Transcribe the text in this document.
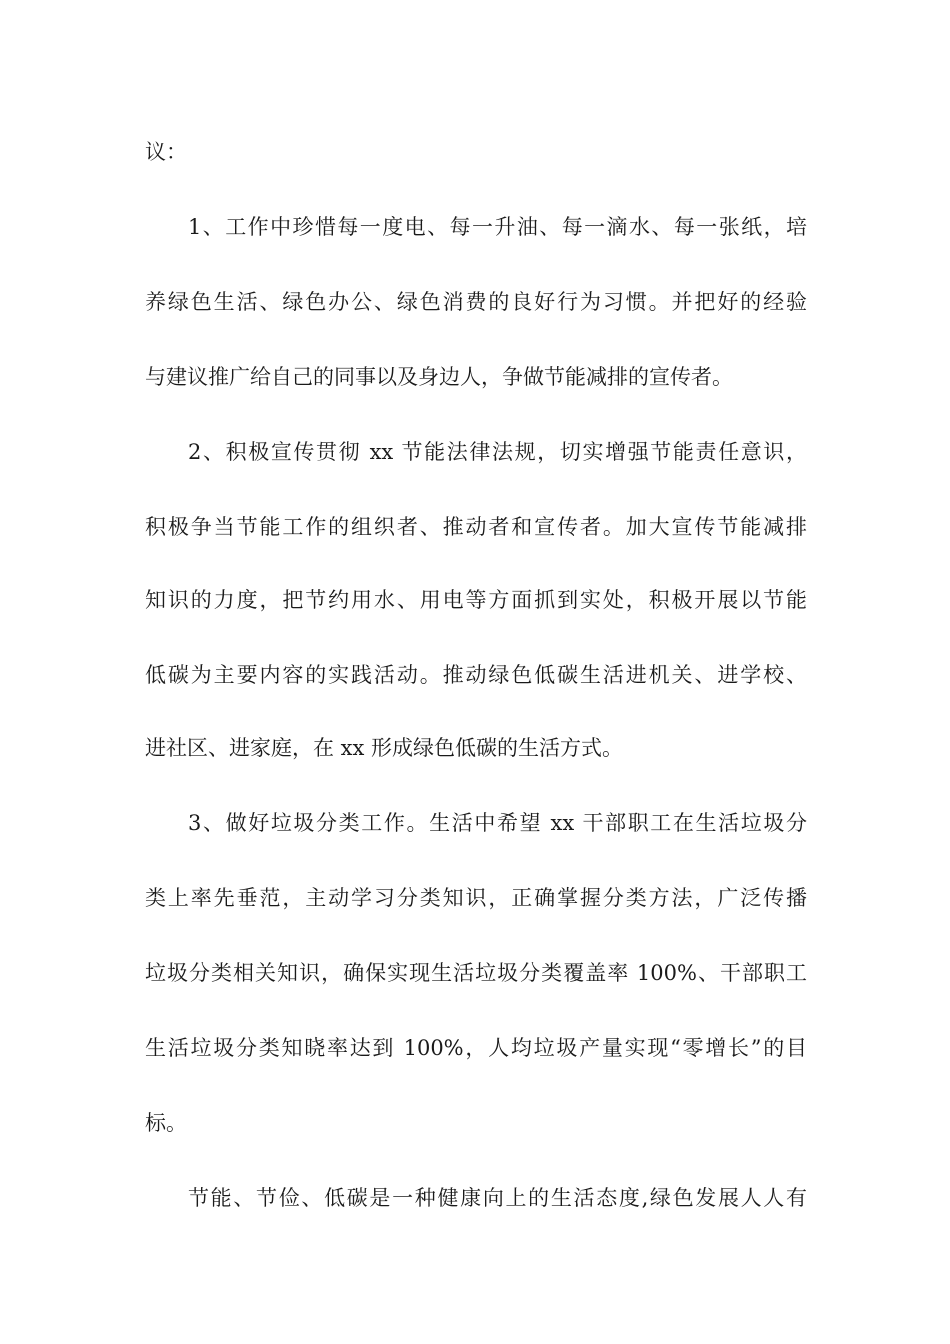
议：
1、工作中珍惜每一度电、每一升油、每一滴水、每一张纸，培
养绿色生活、绿色办公、绿色消费的良好行为习惯。并把好的经验
与建议推广给自己的同事以及身边人，争做节能减排的宣传者。
2、积极宣传贯彻 xx 节能法律法规，切实增强节能责任意识，
积极争当节能工作的组织者、推动者和宣传者。加大宣传节能减排
知识的力度，把节约用水、用电等方面抓到实处，积极开展以节能
低碳为主要内容的实践活动。推动绿色低碳生活进机关、进学校、
进社区、进家庭，在 xx 形成绿色低碳的生活方式。
3、做好垃圾分类工作。生活中希望 xx 干部职工在生活垃圾分
类上率先垂范，主动学习分类知识，正确掌握分类方法，广泛传播
垃圾分类相关知识，确保实现生活垃圾分类覆盖率 100%、干部职工
生活垃圾分类知晓率达到 100%，人均垃圾产量实现“零增长”的目
标。
节能、节俭、低碳是一种健康向上的生活态度,绿色发展人人有
